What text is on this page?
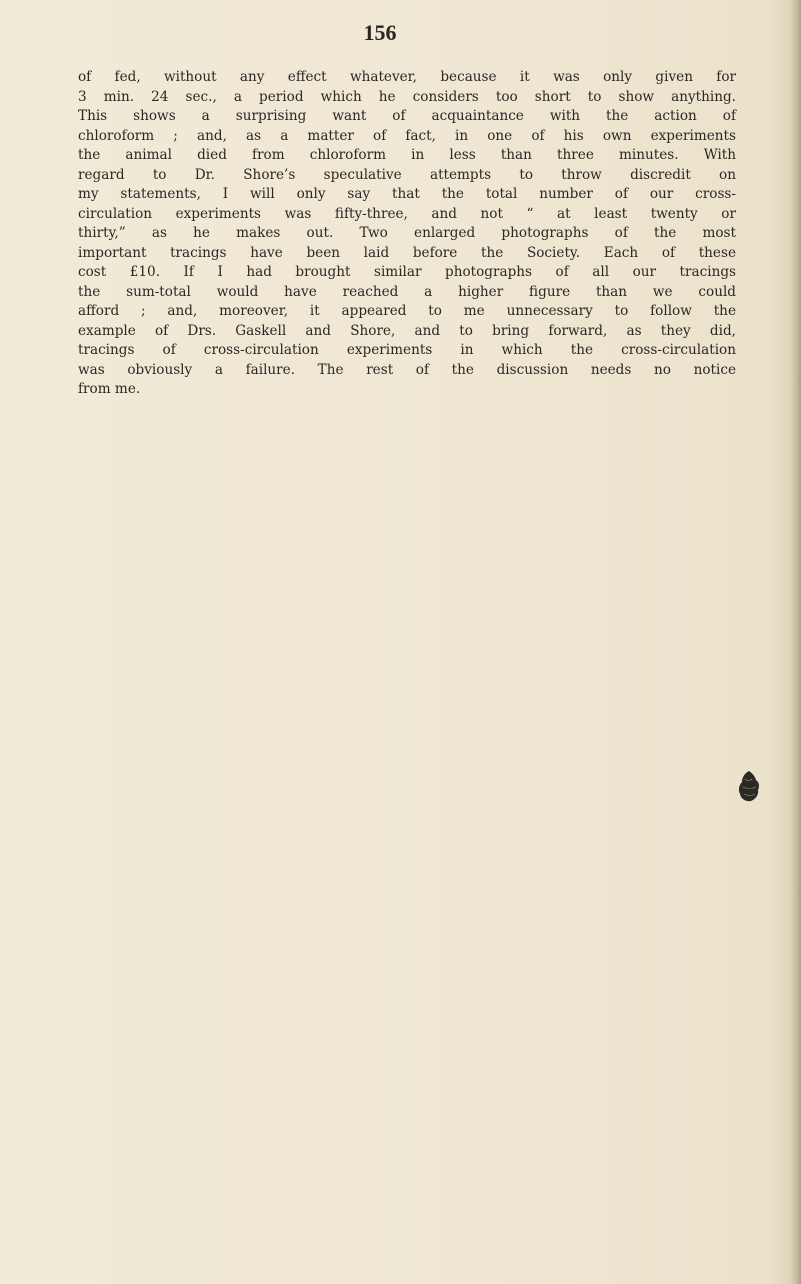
156
of fed, without any effect whatever, because it was only given for
3 min. 24 sec., a period which he considers too short to show anything.
This shows a surprising want of acquaintance with the action of
chloroform ; and, as a matter of fact, in one of his own experiments
the animal died from chloroform in less than three minutes. With
regard to Dr. Shore’s speculative attempts to throw discredit on
my statements, I will only say that the total number of our cross-
circulation experiments was fifty-three, and not “ at least twenty or
thirty,” as he makes out. Two enlarged photographs of the most
important tracings have been laid before the Society. Each of these
cost £10. If I had brought similar photographs of all our tracings
the sum-total would have reached a higher figure than we could
afford ; and, moreover, it appeared to me unnecessary to follow the
example of Drs. Gaskell and Shore, and to bring forward, as they did,
tracings of cross-circulation experiments in which the cross-circulation
was obviously a failure. The rest of the discussion needs no notice
from me.
